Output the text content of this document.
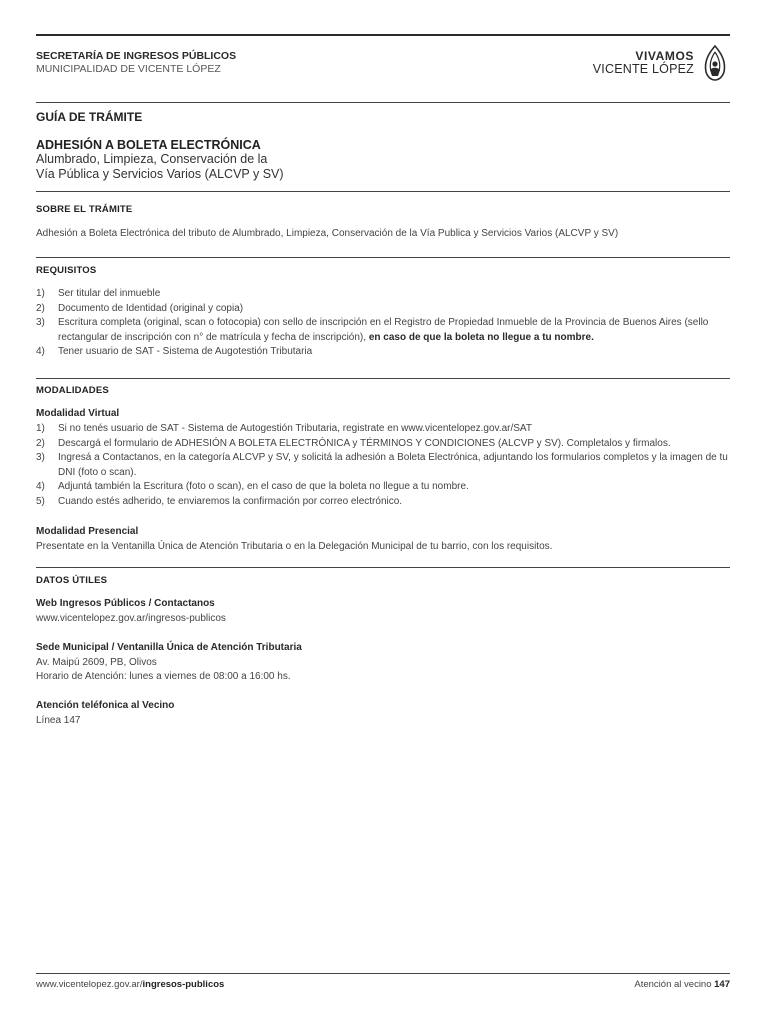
SECRETARÍA DE INGRESOS PÚBLICOS
MUNICIPALIDAD DE VICENTE LÓPEZ
VIVAMOS
VICENTE LÓPEZ
GUÍA DE TRÁMITE
ADHESIÓN A BOLETA ELECTRÓNICA
Alumbrado, Limpieza, Conservación de la
Vía Pública y Servicios Varios (ALCVP y SV)
SOBRE EL TRÁMITE
Adhesión a Boleta Electrónica del tributo de Alumbrado, Limpieza, Conservación de la Vía Publica y Servicios Varios (ALCVP y SV)
REQUISITOS
1)	Ser titular del inmueble
2)	Documento de Identidad (original y copia)
3)	Escritura completa (original, scan o fotocopia) con sello de inscripción en el Registro de Propiedad Inmueble de la Provincia de Buenos Aires (sello rectangular de inscripción con n° de matrícula y fecha de inscripción), en caso de que la boleta no llegue a tu nombre.
4)	Tener usuario de SAT - Sistema de Augotestión Tributaria
MODALIDADES
Modalidad Virtual
1)	Si no tenés usuario de SAT - Sistema de Autogestión Tributaria, registrate en www.vicentelopez.gov.ar/SAT
2)	Descargá el formulario de ADHESIÓN A BOLETA ELECTRÓNICA y TÉRMINOS Y CONDICIONES (ALCVP y SV). Completalos y firmalos.
3)	Ingresá a Contactanos, en la categoría ALCVP y SV, y solicitá la adhesión a Boleta Electrónica, adjuntando los formularios completos y la imagen de tu DNI (foto o scan).
4)	Adjuntá también la Escritura (foto o scan), en el caso de que la boleta no llegue a tu nombre.
5)	Cuando estés adherido, te enviaremos la confirmación por correo electrónico.
Modalidad Presencial
Presentate en la Ventanilla Única de Atención Tributaria o en la Delegación Municipal de tu barrio, con los requisitos.
DATOS ÚTILES
Web Ingresos Públicos / Contactanos
www.vicentelopez.gov.ar/ingresos-publicos
Sede Municipal / Ventanilla Única de Atención Tributaria
Av. Maipú 2609, PB, Olivos
Horario de Atención: lunes a viernes de 08:00 a 16:00 hs.
Atención teléfonica al Vecino
Línea 147
www.vicentelopez.gov.ar/ingresos-publicos	Atención al vecino 147
